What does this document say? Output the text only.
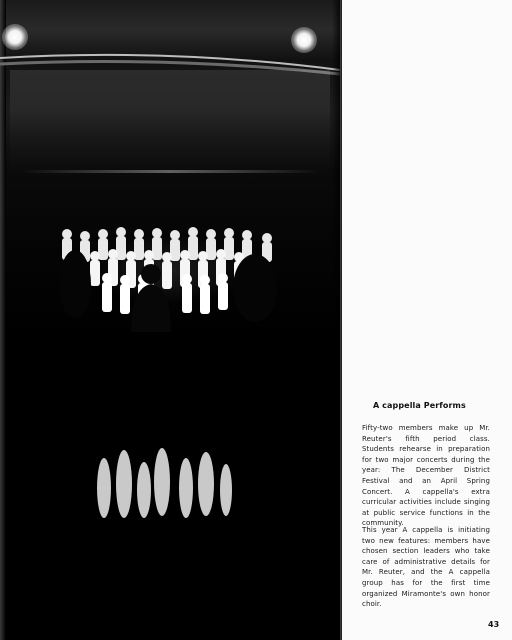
A cappella Performs

Fifty-two members make up Mr. Reuter's fifth period class. Students rehearse in preparation for two major concerts during the year: The December District Festival and an April Spring Concert. A cappella's extra curricular activities include singing at public service functions in the community.

This year A cappella is initiating two new features: members have chosen section leaders who take care of administrative details for Mr. Reuter, and the A cappella group has for the first time organized Miramonte's own honor choir.

43
